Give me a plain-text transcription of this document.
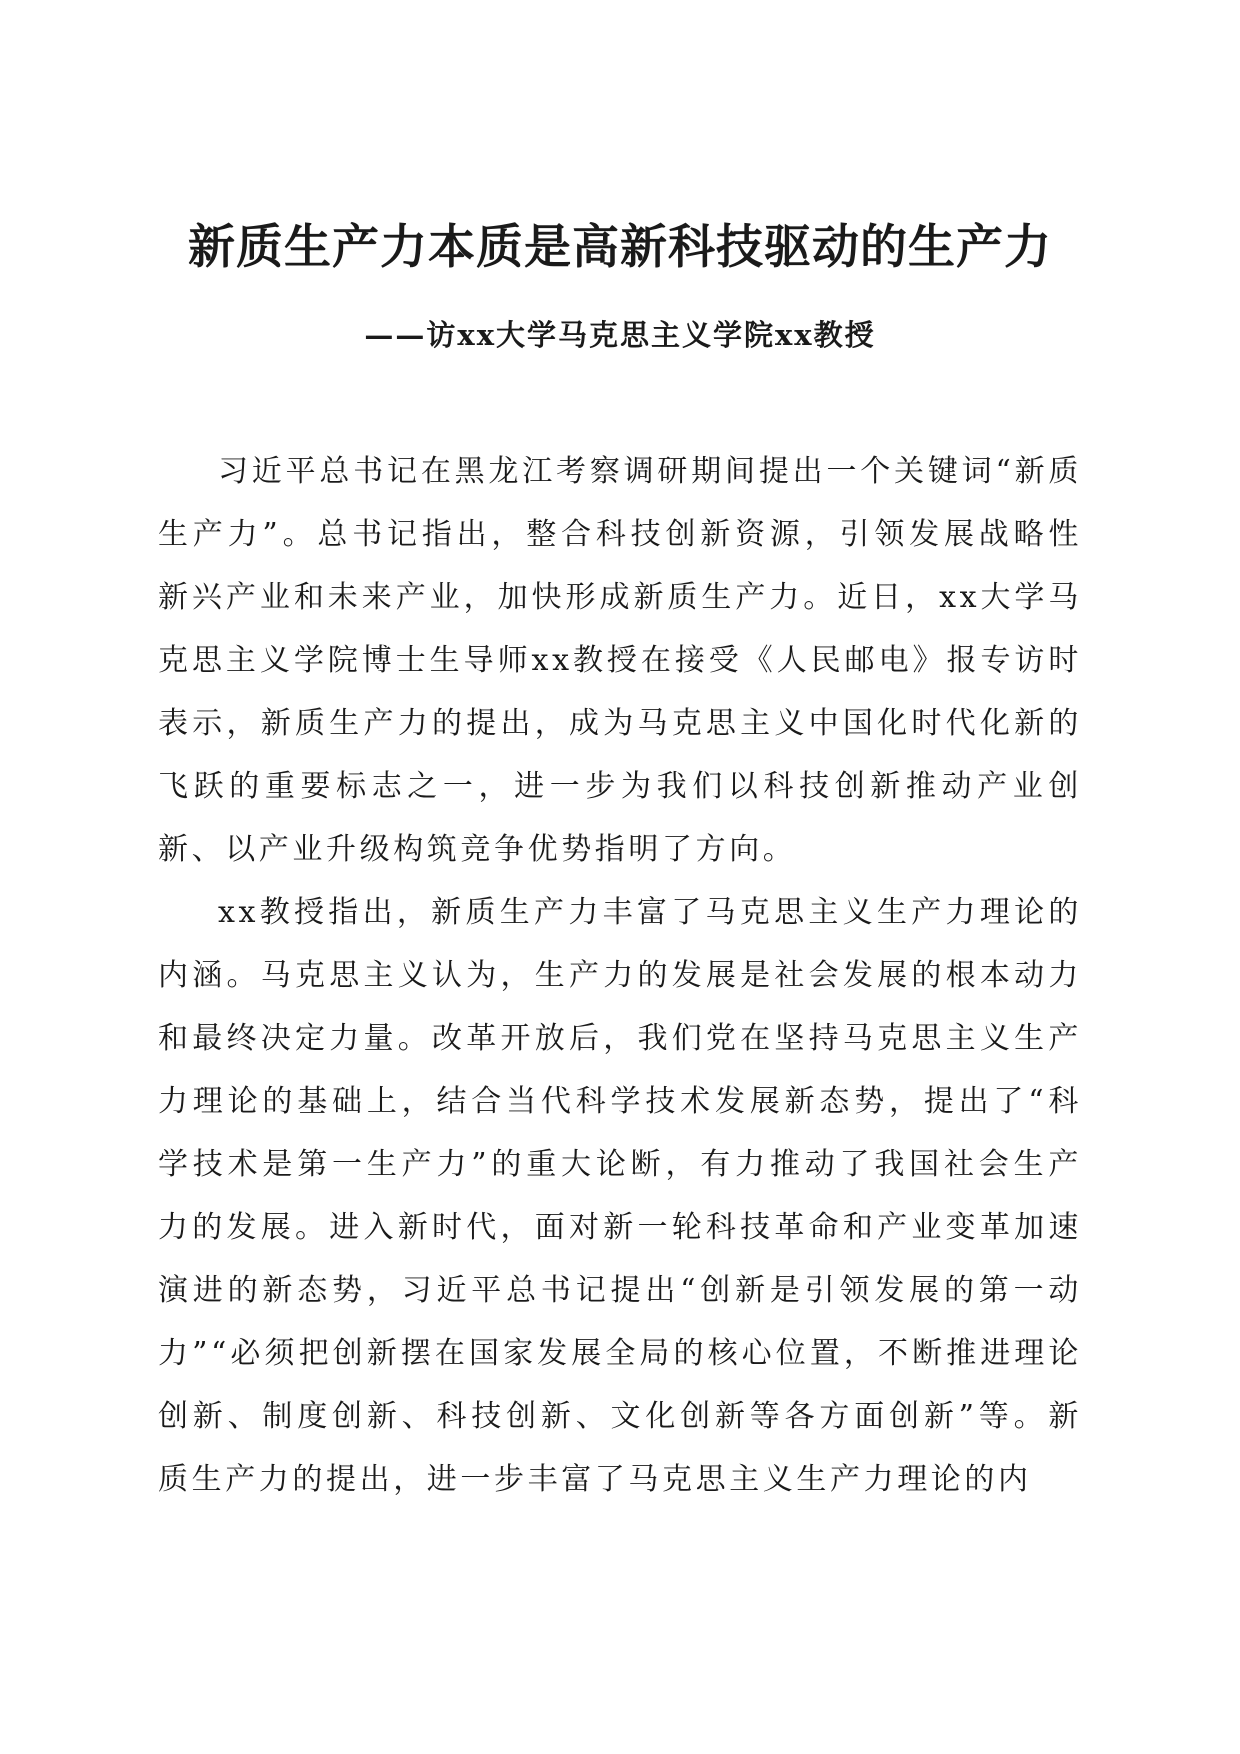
新质生产力本质是高新科技驱动的生产力
——访xx大学马克思主义学院xx教授

习近平总书记在黑龙江考察调研期间提出一个关键词“新质生产力”。总书记指出，整合科技创新资源，引领发展战略性新兴产业和未来产业，加快形成新质生产力。近日，xx大学马克思主义学院博士生导师xx教授在接受《人民邮电》报专访时表示，新质生产力的提出，成为马克思主义中国化时代化新的飞跃的重要标志之一，进一步为我们以科技创新推动产业创新、以产业升级构筑竞争优势指明了方向。

xx教授指出，新质生产力丰富了马克思主义生产力理论的内涵。马克思主义认为，生产力的发展是社会发展的根本动力和最终决定力量。改革开放后，我们党在坚持马克思主义生产力理论的基础上，结合当代科学技术发展新态势，提出了“科学技术是第一生产力”的重大论断，有力推动了我国社会生产力的发展。进入新时代，面对新一轮科技革命和产业变革加速演进的新态势，习近平总书记提出“创新是引领发展的第一动力”“必须把创新摆在国家发展全局的核心位置，不断推进理论创新、制度创新、科技创新、文化创新等各方面创新”等。新质生产力的提出，进一步丰富了马克思主义生产力理论的内
